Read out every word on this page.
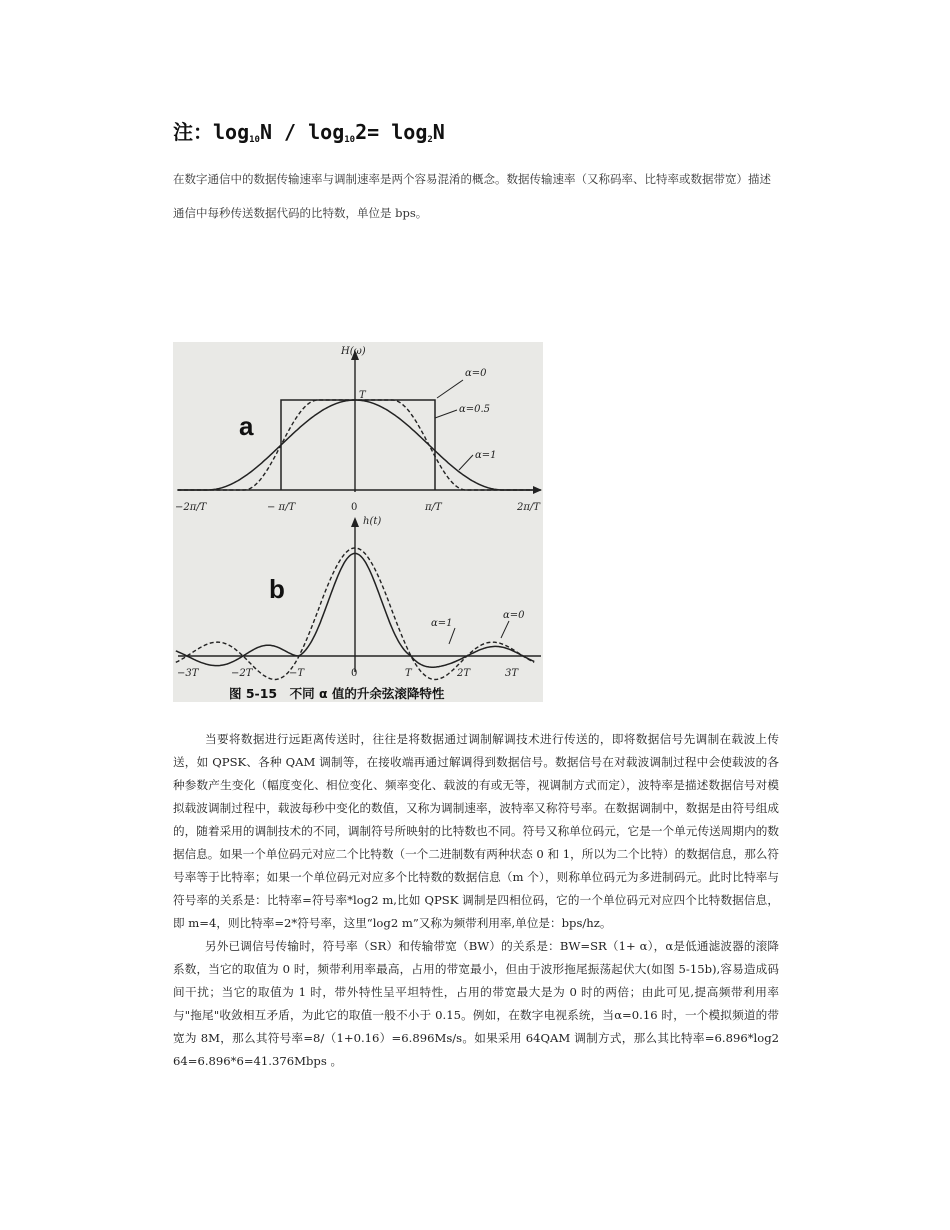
注：$\log_{10}N / \log_{10}2= \log_2N$
在数字通信中的数据传输速率与调制速率是两个容易混淆的概念。数据传输速率（又称码率、比特率或数据带宽）描述通信中每秒传送数据代码的比特数，单位是 bps。
a
H(ω)
T
α=0
α=0.5
α=1
−2π/T	− π/T	0	π/T	2π/T
b
h(t)
α=1
α=0
−3T	−2T	−T	0	T	2T	3T
图 5-15　不同 α 值的升余弦滚降特性

当要将数据进行远距离传送时，往往是将数据通过调制解调技术进行传送的，即将数据信号先调制在载波上传送，如 QPSK、各种 QAM 调制等，在接收端再通过解调得到数据信号。数据信号在对载波调制过程中会使载波的各种参数产生变化（幅度变化、相位变化、频率变化、载波的有或无等，视调制方式而定），波特率是描述数据信号对模拟载波调制过程中，载波每秒中变化的数值，又称为调制速率，波特率又称符号率。在数据调制中，数据是由符号组成的，随着采用的调制技术的不同，调制符号所映射的比特数也不同。符号又称单位码元，它是一个单元传送周期内的数据信息。如果一个单位码元对应二个比特数（一个二进制数有两种状态 0 和 1，所以为二个比特）的数据信息，那么符号率等于比特率；如果一个单位码元对应多个比特数的数据信息（m 个），则称单位码元为多进制码元。此时比特率与符号率的关系是：比特率=符号率*log2 m,比如 QPSK 调制是四相位码，它的一个单位码元对应四个比特数据信息，即 m=4，则比特率=2*符号率，这里“log2 m”又称为频带利用率,单位是：bps/hz。

另外已调信号传输时，符号率（SR）和传输带宽（BW）的关系是：BW=SR（1+ α），α是低通滤波器的滚降系数，当它的取值为 0 时，频带利用率最高，占用的带宽最小，但由于波形拖尾振荡起伏大(如图 5-15b),容易造成码间干扰；当它的取值为 1 时，带外特性呈平坦特性，占用的带宽最大是为 0 时的两倍；由此可见,提高频带利用率与"拖尾"收敛相互矛盾，为此它的取值一般不小于 0.15。例如，在数字电视系统，当α=0.16 时，一个模拟频道的带宽为 8M，那么其符号率=8/（1+0.16）=6.896Ms/s。如果采用 64QAM 调制方式，那么其比特率=6.896*log2 64=6.896*6=41.376Mbps 。
